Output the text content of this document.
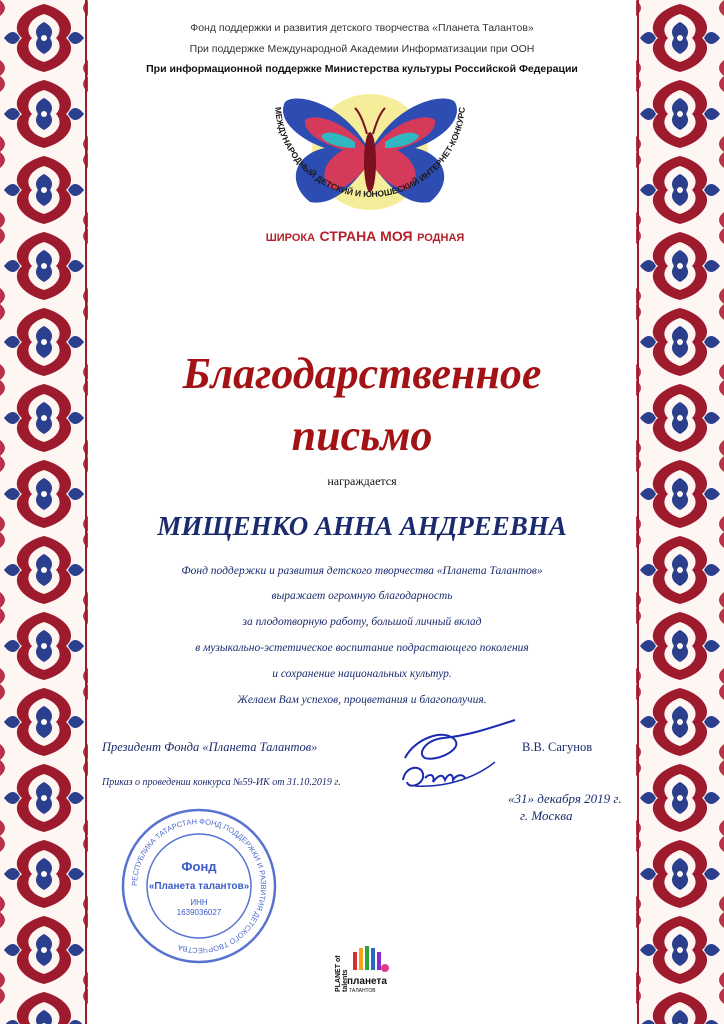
Фонд поддержки и развития детского творчества «Планета Талантов»
При поддержке Международной Академии Информатизации при ООН
При информационной поддержке Министерства культуры Российской Федерации
МЕЖДУНАРОДНЫЙ ДЕТСКИЙ И ЮНОШЕСКИЙ ИНТЕРНЕТ-КОНКУРС
ШИРОКА СТРАНА МОЯ РОДНАЯ
Благодарственное
письмо
награждается
МИЩЕНКО АННА АНДРЕЕВНА
Фонд поддержки и развития детского творчества «Планета Талантов»
выражает огромную благодарность
за плодотворную работу, большой личный вклад
в музыкально-эстетическое воспитание подрастающего поколения
и сохранение национальных культур.
Желаем Вам успехов, процветания и благополучия.
Президент Фонда «Планета Талантов»	В.В. Сагунов
Приказ о проведении конкурса №59-ИК от 31.10.2019 г.
«31» декабря 2019 г.
г. Москва
РЕСПУБЛИКА ТАТАРСТАН ФОНД ПОДДЕРЖКИ И РАЗВИТИЯ ДЕТСКОГО ТВОРЧЕСТВА
Фонд
«Планета талантов»
ИНН
1639036027
PLANET of talents
планета
ТАЛАНТОВ
